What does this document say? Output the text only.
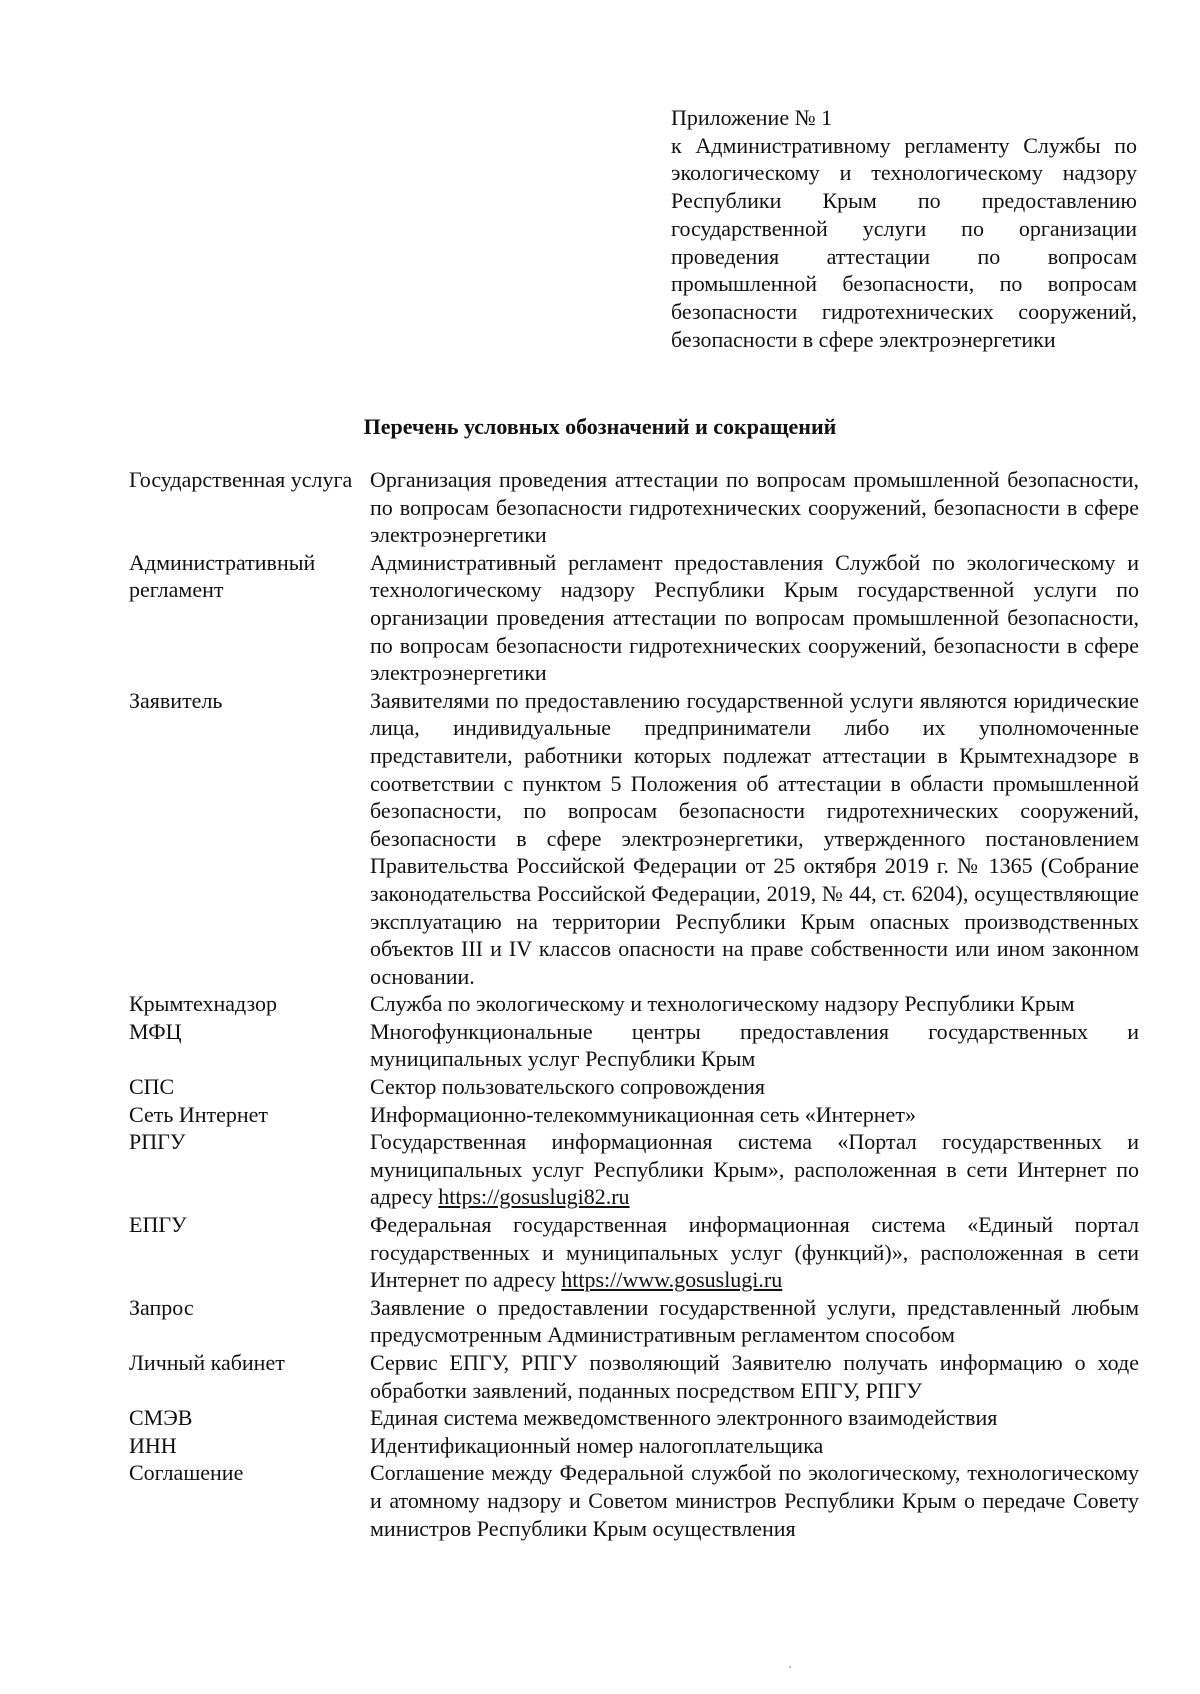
Приложение № 1
к Административному регламенту Службы по экологическому и технологическому надзору Республики Крым по предоставлению государственной услуги по организации проведения аттестации по вопросам промышленной безопасности, по вопросам безопасности гидротехнических сооружений, безопасности в сфере электроэнергетики
Перечень условных обозначений и сокращений
Государственная услуга	Организация проведения аттестации по вопросам промышленной безопасности, по вопросам безопасности гидротехнических сооружений, безопасности в сфере электроэнергетики
Административный регламент	Административный регламент предоставления Службой по экологическому и технологическому надзору Республики Крым государственной услуги по организации проведения аттестации по вопросам промышленной безопасности, по вопросам безопасности гидротехнических сооружений, безопасности в сфере электроэнергетики
Заявитель	Заявителями по предоставлению государственной услуги являются юридические лица, индивидуальные предприниматели либо их уполномоченные представители, работники которых подлежат аттестации в Крымтехнадзоре в соответствии с пунктом 5 Положения об аттестации в области промышленной безопасности, по вопросам безопасности гидротехнических сооружений, безопасности в сфере электроэнергетики, утвержденного постановлением Правительства Российской Федерации от 25 октября 2019 г. № 1365 (Собрание законодательства Российской Федерации, 2019, № 44, ст. 6204), осуществляющие эксплуатацию на территории Республики Крым опасных производственных объектов III и IV классов опасности на праве собственности или ином законном основании.
Крымтехнадзор	Служба по экологическому и технологическому надзору Республики Крым
МФЦ	Многофункциональные центры предоставления государственных и муниципальных услуг Республики Крым
СПС	Сектор пользовательского сопровождения
Сеть Интернет	Информационно-телекоммуникационная сеть «Интернет»
РПГУ	Государственная информационная система «Портал государственных и муниципальных услуг Республики Крым», расположенная в сети Интернет по адресу https://gosuslugi82.ru
ЕПГУ	Федеральная государственная информационная система «Единый портал государственных и муниципальных услуг (функций)», расположенная в сети Интернет по адресу https://www.gosuslugi.ru
Запрос	Заявление о предоставлении государственной услуги, представленный любым предусмотренным Административным регламентом способом
Личный кабинет	Сервис ЕПГУ, РПГУ позволяющий Заявителю получать информацию о ходе обработки заявлений, поданных посредством ЕПГУ, РПГУ
СМЭВ	Единая система межведомственного электронного взаимодействия
ИНН	Идентификационный номер налогоплательщика
Соглашение	Соглашение между Федеральной службой по экологическому, технологическому и атомному надзору и Советом министров Республики Крым о передаче Совету министров Республики Крым осуществления
